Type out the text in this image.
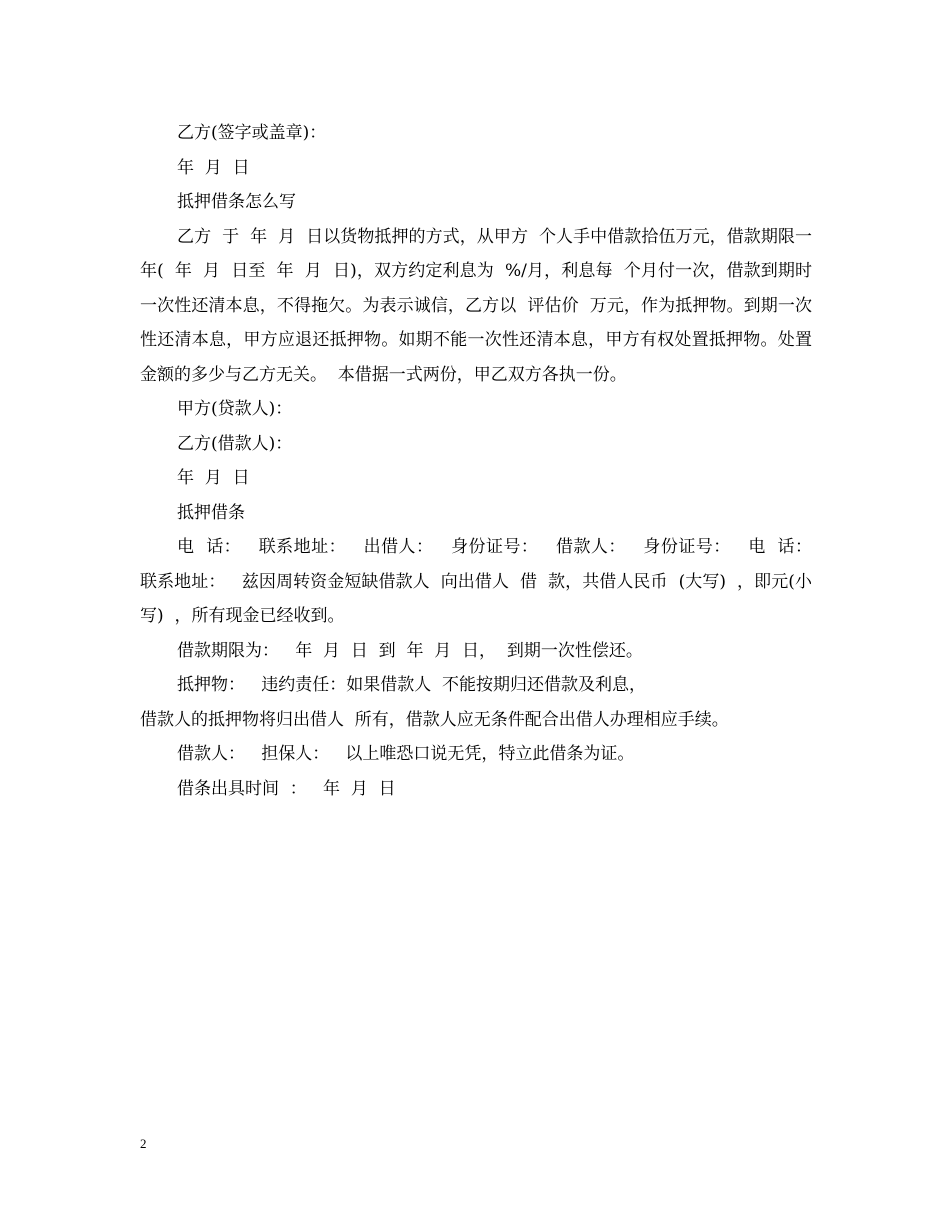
乙方(签字或盖章)：

年  月  日

抵押借条怎么写

乙方  于  年  月  日以货物抵押的方式，从甲方  个人手中借款拾伍万元，借款期限一年(  年  月  日至  年  月  日)，双方约定利息为  %/月，利息每  个月付一次，借款到期时一次性还清本息，不得拖欠。为表示诚信，乙方以  评估价  万元，作为抵押物。到期一次性还清本息，甲方应退还抵押物。如期不能一次性还清本息，甲方有权处置抵押物。处置金额的多少与乙方无关。  本借据一式两份，甲乙双方各执一份。

甲方(贷款人)：

乙方(借款人)：

年  月  日

抵押借条

电  话：   联系地址：   出借人：   身份证号：   借款人：   身份证号：   电  话：   联系地址：   兹因周转资金短缺借款人  向出借人  借  款，共借人民币  (大写)  ，即元(小写)  ，所有现金已经收到。

借款期限为：   年  月  日  到  年  月  日，  到期一次性偿还。

抵押物：   违约责任：如果借款人  不能按期归还借款及利息，

借款人的抵押物将归出借人  所有，借款人应无条件配合出借人办理相应手续。

借款人：   担保人：   以上唯恐口说无凭，特立此借条为证。

借条出具时间  ：   年  月  日

2
